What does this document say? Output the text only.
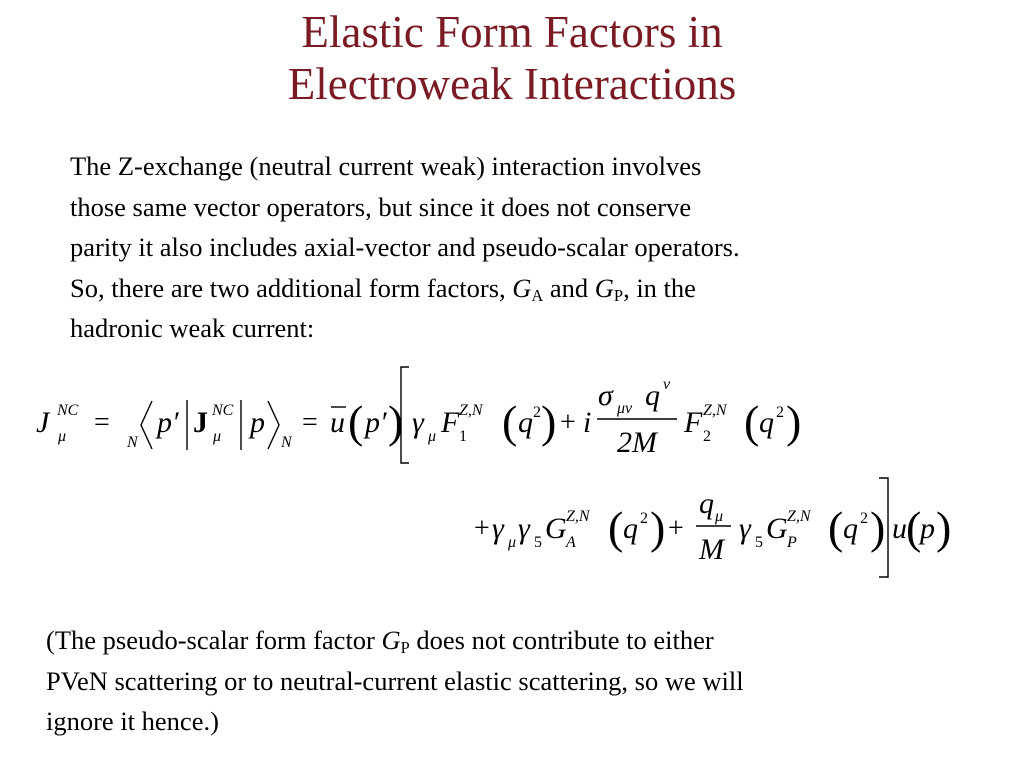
Elastic Form Factors in
Electroweak Interactions
The Z-exchange (neutral current weak) interaction involves
those same vector operators, but since it does not conserve
parity it also includes axial-vector and pseudo-scalar operators.
So, there are two additional form factors, $G_A$ and $G_P$, in the
hadronic weak current:
J NC
μ =
N
p′ J NC
μ p
N
= u ( p′ ) γ μ F Z,N
1 ( q 2 ) + i
σ μν q ν
2M
F Z,N
2 ( q 2 )
+ γ μ γ 5 G Z,N
A ( q 2 ) +
q μ
M
γ 5 G Z,N
P ( q 2 ) u (
p )
(The pseudo-scalar form factor $G_P$ does not contribute to either
PVeN scattering or to neutral-current elastic scattering, so we will
ignore it hence.)
